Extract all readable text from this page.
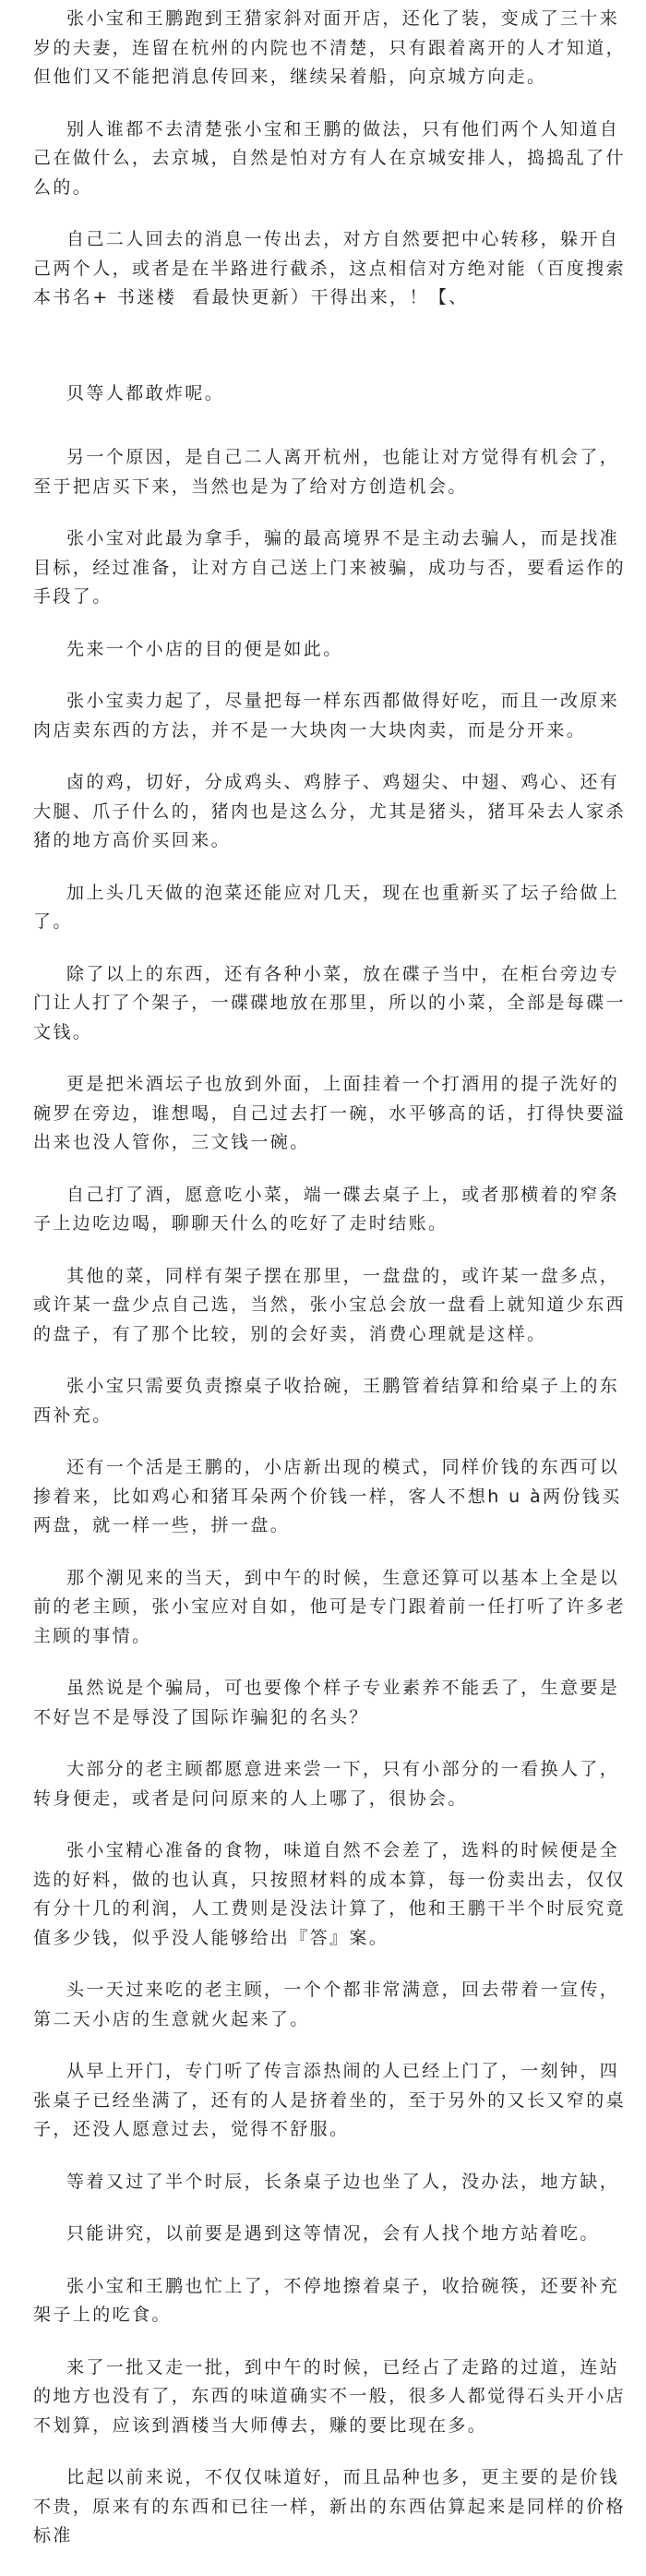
张小宝和王鹏跑到王猎家斜对面开店，还化了装，变成了三十来
岁的夫妻，连留在杭州的内院也不清楚，只有跟着离开的人才知道，
但他们又不能把消息传回来，继续呆着船，向京城方向走。

别人谁都不去清楚张小宝和王鹏的做法，只有他们两个人知道自
己在做什么，去京城，自然是怕对方有人在京城安排人，捣捣乱了什
么的。

自己二人回去的消息一传出去，对方自然要把中心转移，躲开自
己两个人，或者是在半路进行截杀，这点相信对方绝对能（百度搜索
本书名+ 书迷楼  看最快更新）干得出来，！【、

贝等人都敢炸呢。

另一个原因，是自己二人离开杭州，也能让对方觉得有机会了，
至于把店买下来，当然也是为了给对方创造机会。

张小宝对此最为拿手，骗的最高境界不是主动去骗人，而是找准
目标，经过准备，让对方自己送上门来被骗，成功与否，要看运作的
手段了。

先来一个小店的目的便是如此。

张小宝卖力起了，尽量把每一样东西都做得好吃，而且一改原来
肉店卖东西的方法，并不是一大块肉一大块肉卖，而是分开来。

卤的鸡，切好，分成鸡头、鸡脖子、鸡翅尖、中翅、鸡心、还有
大腿、爪子什么的，猪肉也是这么分，尤其是猪头，猪耳朵去人家杀
猪的地方高价买回来。

加上头几天做的泡菜还能应对几天，现在也重新买了坛子给做上
了。

除了以上的东西，还有各种小菜，放在碟子当中，在柜台旁边专
门让人打了个架子，一碟碟地放在那里，所以的小菜，全部是每碟一
文钱。

更是把米酒坛子也放到外面，上面挂着一个打酒用的提子洗好的
碗罗在旁边，谁想喝，自己过去打一碗，水平够高的话，打得快要溢
出来也没人管你，三文钱一碗。

自己打了酒，愿意吃小菜，端一碟去桌子上，或者那横着的窄条
子上边吃边喝，聊聊天什么的吃好了走时结账。

其他的菜，同样有架子摆在那里，一盘盘的，或许某一盘多点，
或许某一盘少点自己选，当然，张小宝总会放一盘看上就知道少东西
的盘子，有了那个比较，别的会好卖，消费心理就是这样。

张小宝只需要负责擦桌子收拾碗，王鹏管着结算和给桌子上的东
西补充。

还有一个活是王鹏的，小店新出现的模式，同样价钱的东西可以
掺着来，比如鸡心和猪耳朵两个价钱一样，客人不想h u à两份钱买
两盘，就一样一些，拼一盘。

那个潮见来的当天，到中午的时候，生意还算可以基本上全是以
前的老主顾，张小宝应对自如，他可是专门跟着前一任打听了许多老
主顾的事情。

虽然说是个骗局，可也要像个样子专业素养不能丢了，生意要是
不好岂不是辱没了国际诈骗犯的名头？

大部分的老主顾都愿意进来尝一下，只有小部分的一看换人了，
转身便走，或者是问问原来的人上哪了，很协会。

张小宝精心准备的食物，味道自然不会差了，选料的时候便是全
选的好料，做的也认真，只按照材料的成本算，每一份卖出去，仅仅
有分十几的利润，人工费则是没法计算了，他和王鹏干半个时辰究竟
值多少钱，似乎没人能够给出『答』案。

头一天过来吃的老主顾，一个个都非常满意，回去带着一宣传，
第二天小店的生意就火起来了。

从早上开门，专门听了传言添热闹的人已经上门了，一刻钟，四
张桌子已经坐满了，还有的人是挤着坐的，至于另外的又长又窄的桌
子，还没人愿意过去，觉得不舒服。

等着又过了半个时辰，长条桌子边也坐了人，没办法，地方缺，

只能讲究，以前要是遇到这等情况，会有人找个地方站着吃。

张小宝和王鹏也忙上了，不停地擦着桌子，收拾碗筷，还要补充
架子上的吃食。

来了一批又走一批，到中午的时候，已经占了走路的过道，连站
的地方也没有了，东西的味道确实不一般，很多人都觉得石头开小店
不划算，应该到酒楼当大师傅去，赚的要比现在多。

比起以前来说，不仅仅味道好，而且品种也多，更主要的是价钱
不贵，原来有的东西和已往一样，新出的东西估算起来是同样的价格
标准
